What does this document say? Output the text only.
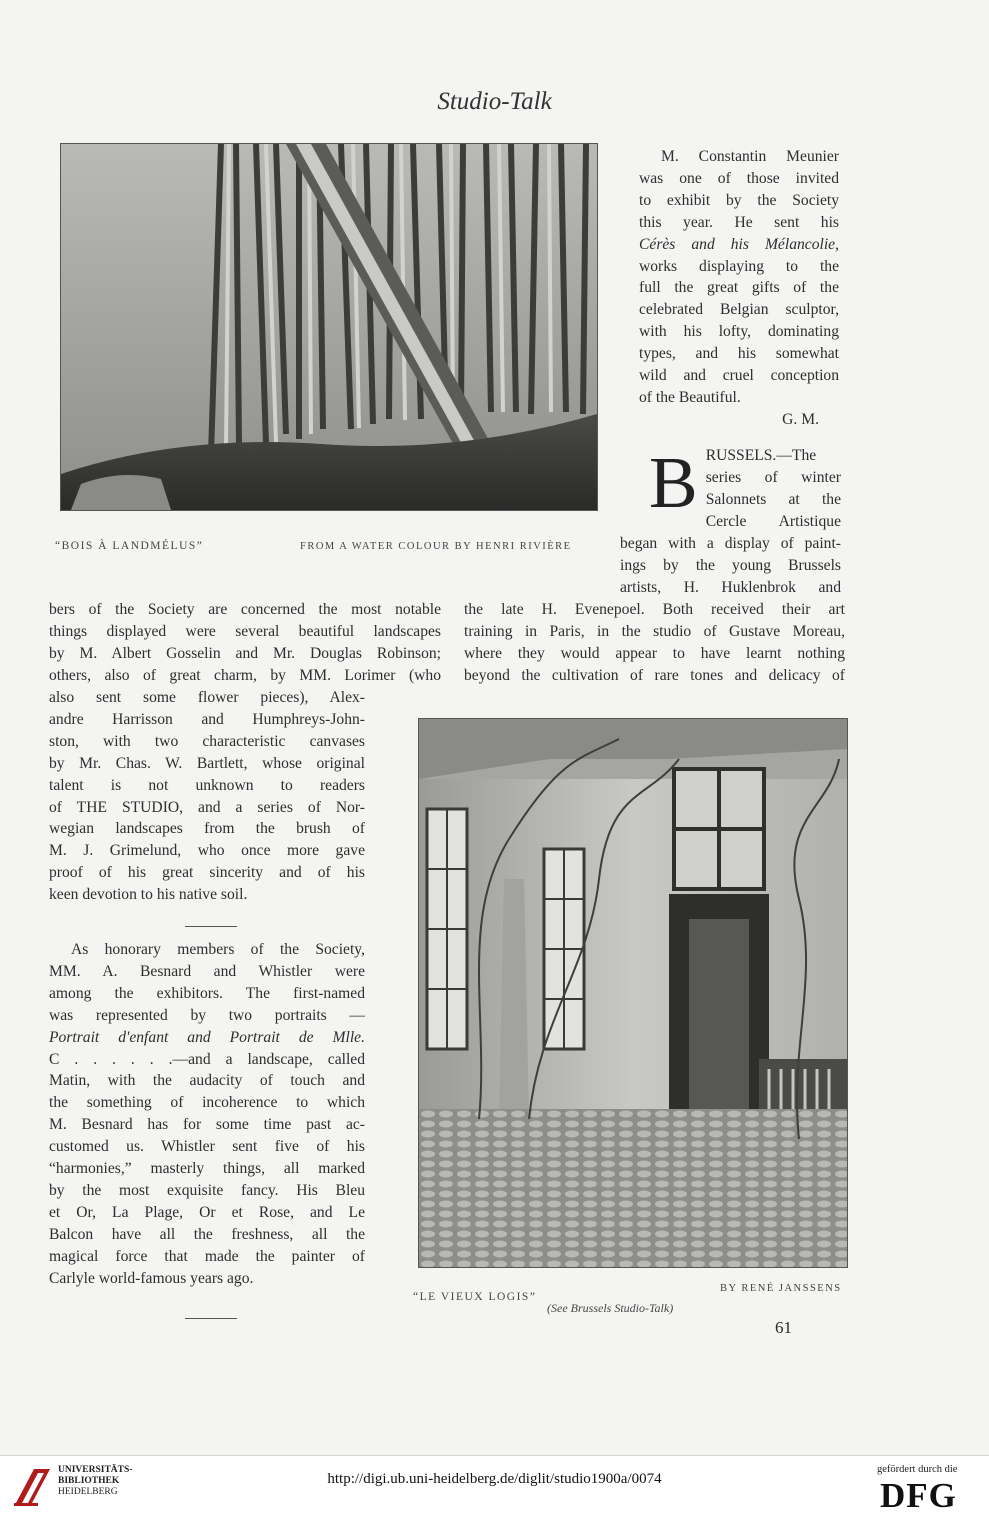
Studio-Talk
“BOIS À LANDMÉLUS”	FROM A WATER COLOUR BY HENRI RIVIÈRE
M. Constantin Meunier
was one of those invited
to exhibit by the Society
this year. He sent his
Cérès and his Mélancolie,
works displaying to the
full the great gifts of the
celebrated Belgian sculptor,
with his lofty, dominating
types, and his somewhat
wild and cruel conception
of the Beautiful.
G. M.
B RUSSELS.—The
series of winter
Salonnets at the
Cercle Artistique
began with a display of paint-
ings by the young Brussels
artists, H. Huklenbrok and
the late H. Evenepoel. Both received their art
training in Paris, in the studio of Gustave Moreau,
where they would appear to have learnt nothing
beyond the cultivation of rare tones and delicacy of
bers of the Society are concerned the most notable
things displayed were several beautiful landscapes
by M. Albert Gosselin and Mr. Douglas Robinson;
others, also of great charm, by MM. Lorimer (who
also sent some flower pieces), Alex-
andre Harrisson and Humphreys-John-
ston, with two characteristic canvases
by Mr. Chas. W. Bartlett, whose original
talent is not unknown to readers
of THE STUDIO, and a series of Nor-
wegian landscapes from the brush of
M. J. Grimelund, who once more gave
proof of his great sincerity and of his
keen devotion to his native soil.
As honorary members of the Society,
MM. A. Besnard and Whistler were
among the exhibitors. The first-named
was represented by two portraits —
Portrait d'enfant and Portrait de Mlle.
C . . . . . .—and a landscape, called
Matin, with the audacity of touch and
the something of incoherence to which
M. Besnard has for some time past ac-
customed us. Whistler sent five of his
“harmonies,” masterly things, all marked
by the most exquisite fancy. His Bleu
et Or, La Plage, Or et Rose, and Le
Balcon have all the freshness, all the
magical force that made the painter of
Carlyle world-famous years ago.
“LE VIEUX LOGIS”
BY RENÉ JANSSENS
(See Brussels Studio-Talk)
61
UNIVERSITÄTS-
BIBLIOTHEK
HEIDELBERG
http://digi.ub.uni-heidelberg.de/diglit/studio1900a/0074
gefördert durch die
DFG
